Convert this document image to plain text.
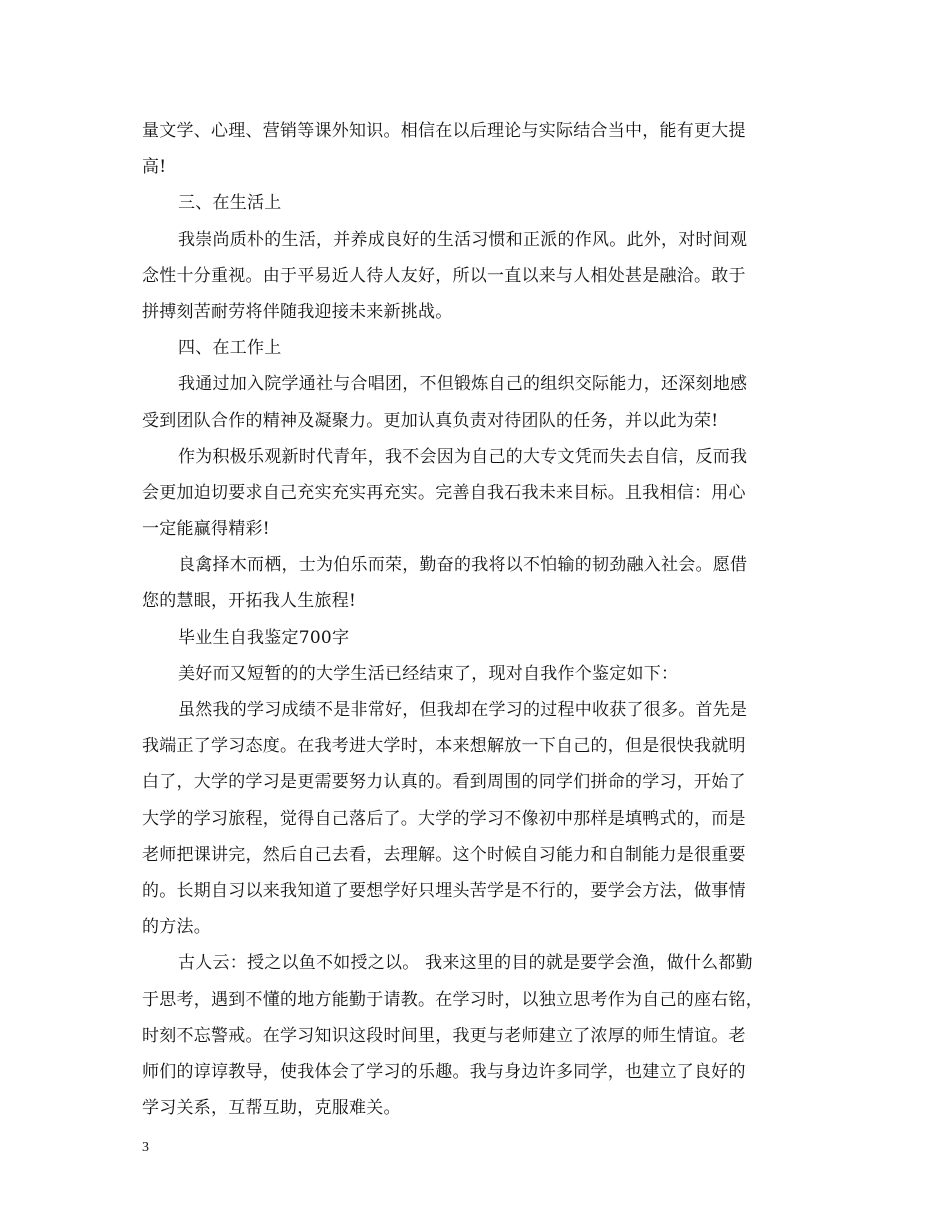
量文学、心理、营销等课外知识。相信在以后理论与实际结合当中，能有更大提
高!
三、在生活上
我崇尚质朴的生活，并养成良好的生活习惯和正派的作风。此外，对时间观
念性十分重视。由于平易近人待人友好，所以一直以来与人相处甚是融洽。敢于
拼搏刻苦耐劳将伴随我迎接未来新挑战。
四、在工作上
我通过加入院学通社与合唱团，不但锻炼自己的组织交际能力，还深刻地感
受到团队合作的精神及凝聚力。更加认真负责对待团队的任务，并以此为荣!
作为积极乐观新时代青年，我不会因为自己的大专文凭而失去自信，反而我
会更加迫切要求自己充实充实再充实。完善自我石我未来目标。且我相信：用心
一定能赢得精彩!
良禽择木而栖，士为伯乐而荣，勤奋的我将以不怕输的韧劲融入社会。愿借
您的慧眼，开拓我人生旅程!
毕业生自我鉴定700字
美好而又短暂的的大学生活已经结束了，现对自我作个鉴定如下：
虽然我的学习成绩不是非常好，但我却在学习的过程中收获了很多。首先是
我端正了学习态度。在我考进大学时，本来想解放一下自己的，但是很快我就明
白了，大学的学习是更需要努力认真的。看到周围的同学们拼命的学习，开始了
大学的学习旅程，觉得自己落后了。大学的学习不像初中那样是填鸭式的，而是
老师把课讲完，然后自己去看，去理解。这个时候自习能力和自制能力是很重要
的。长期自习以来我知道了要想学好只埋头苦学是不行的，要学会方法，做事情
的方法。
古人云：授之以鱼不如授之以。 我来这里的目的就是要学会渔，做什么都勤
于思考，遇到不懂的地方能勤于请教。在学习时，以独立思考作为自己的座右铭，
时刻不忘警戒。在学习知识这段时间里，我更与老师建立了浓厚的师生情谊。老
师们的谆谆教导，使我体会了学习的乐趣。我与身边许多同学，也建立了良好的
学习关系，互帮互助，克服难关。
3
